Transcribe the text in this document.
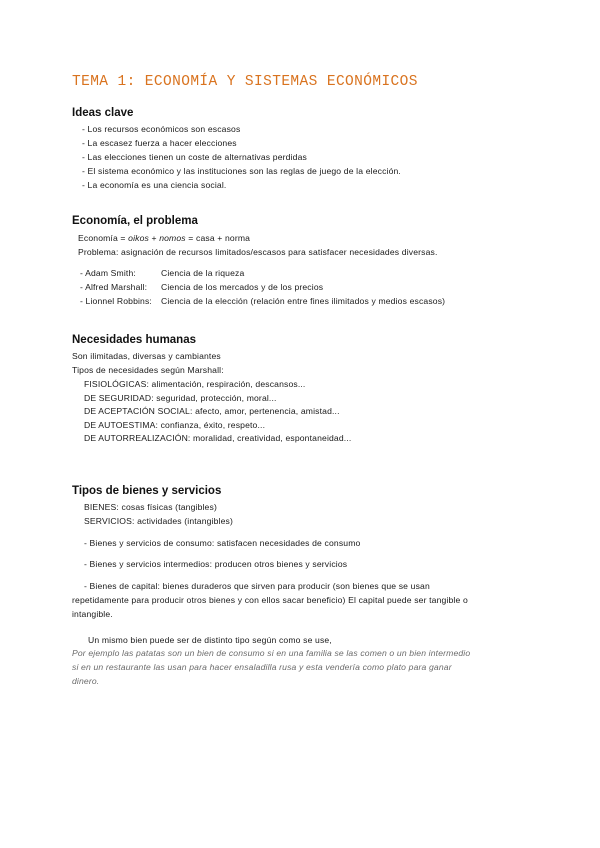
TEMA 1: ECONOMÍA Y SISTEMAS ECONÓMICOS
Ideas clave
- Los recursos económicos son escasos
- La escasez fuerza a hacer elecciones
- Las elecciones tienen un coste de alternativas perdidas
- El sistema económico y las instituciones son las reglas de juego de la elección.
- La economía es una ciencia social.
Economía, el problema
Economía = oikos + nomos = casa + norma
Problema: asignación de recursos limitados/escasos para satisfacer necesidades diversas.
- Adam Smith:	Ciencia de la riqueza
- Alfred Marshall: Ciencia de los mercados y de los precios
- Lionnel Robbins: Ciencia de la elección (relación entre fines ilimitados y medios escasos)
Necesidades humanas
Son ilimitadas, diversas y cambiantes
Tipos de necesidades según Marshall:
FISIOLÓGICAS: alimentación, respiración, descansos...
DE SEGURIDAD: seguridad, protección, moral...
DE ACEPTACIÓN SOCIAL: afecto, amor, pertenencia, amistad...
DE AUTOESTIMA: confianza, éxito, respeto...
DE AUTORREALIZACIÓN: moralidad, creatividad, espontaneidad...
Tipos de bienes y servicios
BIENES: cosas físicas (tangibles)
SERVICIOS: actividades (intangibles)
- Bienes y servicios de consumo: satisfacen necesidades de consumo
- Bienes y servicios intermedios: producen otros bienes y servicios
- Bienes de capital: bienes duraderos que sirven para producir (son bienes que se usan
repetidamente para producir otros bienes y con ellos sacar beneficio) El capital puede ser tangible o
intangible.
Un mismo bien puede ser de distinto tipo según como se use,
Por ejemplo las patatas son un bien de consumo si en una familia se las comen o un bien intermedio
si en un restaurante las usan para hacer ensaladilla rusa y esta vendería como plato para ganar
dinero.
